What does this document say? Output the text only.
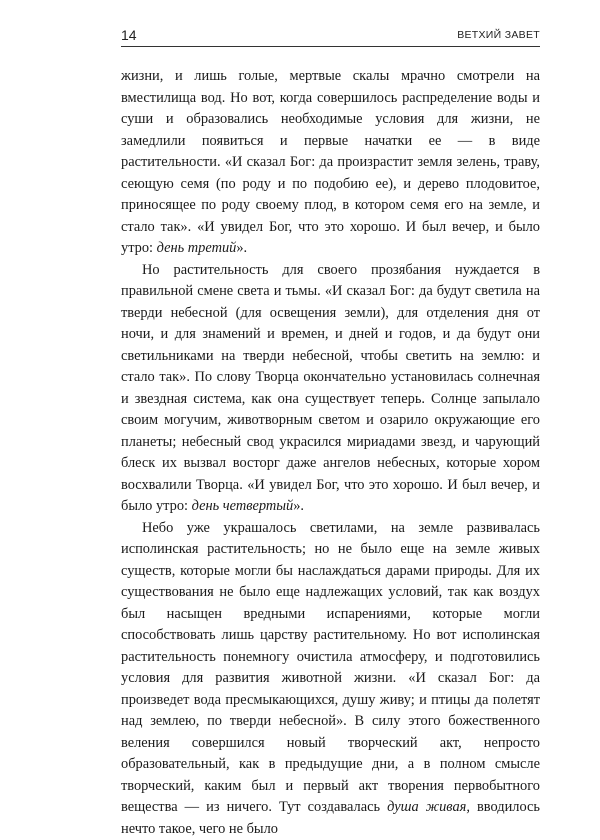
14	ВЕТХИЙ ЗАВЕТ

жизни, и лишь голые, мертвые скалы мрачно смотрели на вместилища вод. Но вот, когда совершилось распределение воды и суши и образовались необходимые условия для жизни, не замедлили появиться и первые начатки ее — в виде растительности. «И сказал Бог: да произрастит земля зелень, траву, сеющую семя (по роду и по подобию ее), и дерево плодовитое, приносящее по роду своему плод, в котором семя его на земле, и стало так». «И увидел Бог, что это хорошо. И был вечер, и было утро: день третий».

Но растительность для своего прозябания нуждается в правильной смене света и тьмы. «И сказал Бог: да будут светила на тверди небесной (для освещения земли), для отделения дня от ночи, и для знамений и времен, и дней и годов, и да будут они светильниками на тверди небесной, чтобы светить на землю: и стало так». По слову Творца окончательно установилась солнечная и звездная система, как она существует теперь. Солнце запылало своим могучим, животворным светом и озарило окружающие его планеты; небесный свод украсился мириадами звезд, и чарующий блеск их вызвал восторг даже ангелов небесных, которые хором восхвалили Творца. «И увидел Бог, что это хорошо. И был вечер, и было утро: день четвертый».

Небо уже украшалось светилами, на земле развивалась исполинская растительность; но не было еще на земле живых существ, которые могли бы наслаждаться дарами природы. Для их существования не было еще надлежащих условий, так как воздух был насыщен вредными испарениями, которые могли способствовать лишь царству растительному. Но вот исполинская растительность понемногу очистила атмосферу, и подготовились условия для развития животной жизни. «И сказал Бог: да произведет вода пресмыкающихся, душу живу; и птицы да полетят над землею, по тверди небесной». В силу этого божественного веления совершился новый творческий акт, непросто образовательный, как в предыдущие дни, а в полном смысле творческий, каким был и первый акт творения первобытного вещества — из ничего. Тут создавалась душа живая, вводилось нечто такое, чего не было
